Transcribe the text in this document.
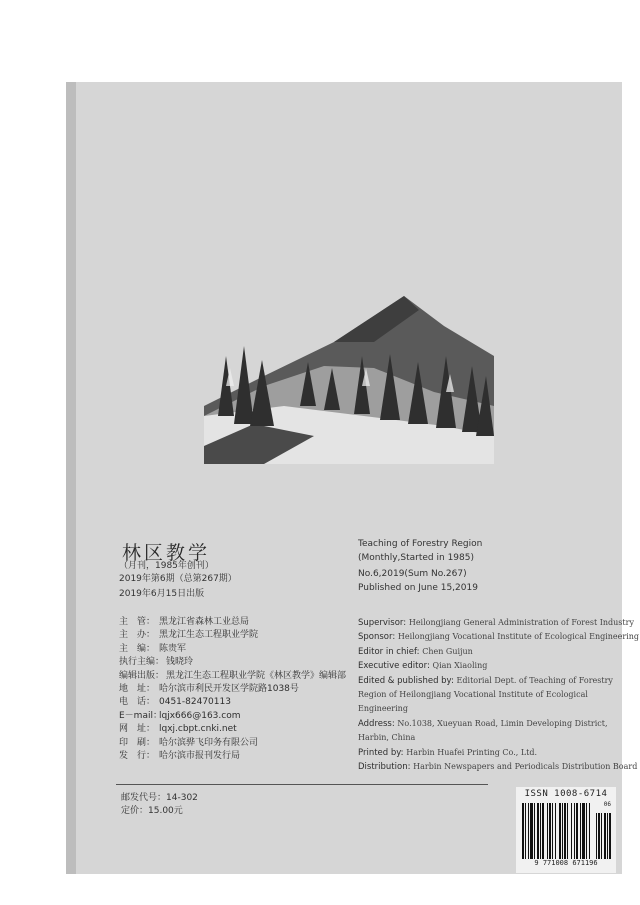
林区教学
（月刊，1985年创刊）
2019年第6期（总第267期）
2019年6月15日出版
Teaching of Forestry Region
(Monthly,Started in 1985)
No.6,2019(Sum No.267)
Published on June 15,2019
主　管： 黑龙江省森林工业总局
主　办： 黑龙江生态工程职业学院
主　编： 陈贵军
执行主编： 钱晓玲
编辑出版： 黑龙江生态工程职业学院《林区教学》编辑部
地　址： 哈尔滨市利民开发区学院路1038号
电　话： 0451-82470113
E－mail：lqjx666@163.com
网　址： lqxj.cbpt.cnki.net
印　刷： 哈尔滨骅飞印务有限公司
发　行： 哈尔滨市报刊发行局
Supervisor: Heilongjiang General Administration of Forest Industry
Sponsor: Heilongjiang Vocational Institute of Ecological Engineering
Editor in chief: Chen Guijun
Executive editor: Qian Xiaoling
Edited & published by: Editorial Dept. of Teaching of Forestry Region of Heilongjiang Vocational Institute of Ecological Engineering
Address: No.1038, Xueyuan Road, Limin Developing District, Harbin, China
Printed by: Harbin Huafei Printing Co., Ltd.
Distribution: Harbin Newspapers and Periodicals Distribution Board
邮发代号：14-302
定价：15.00元
ISSN 1008-6714
06
9 771008 671196
